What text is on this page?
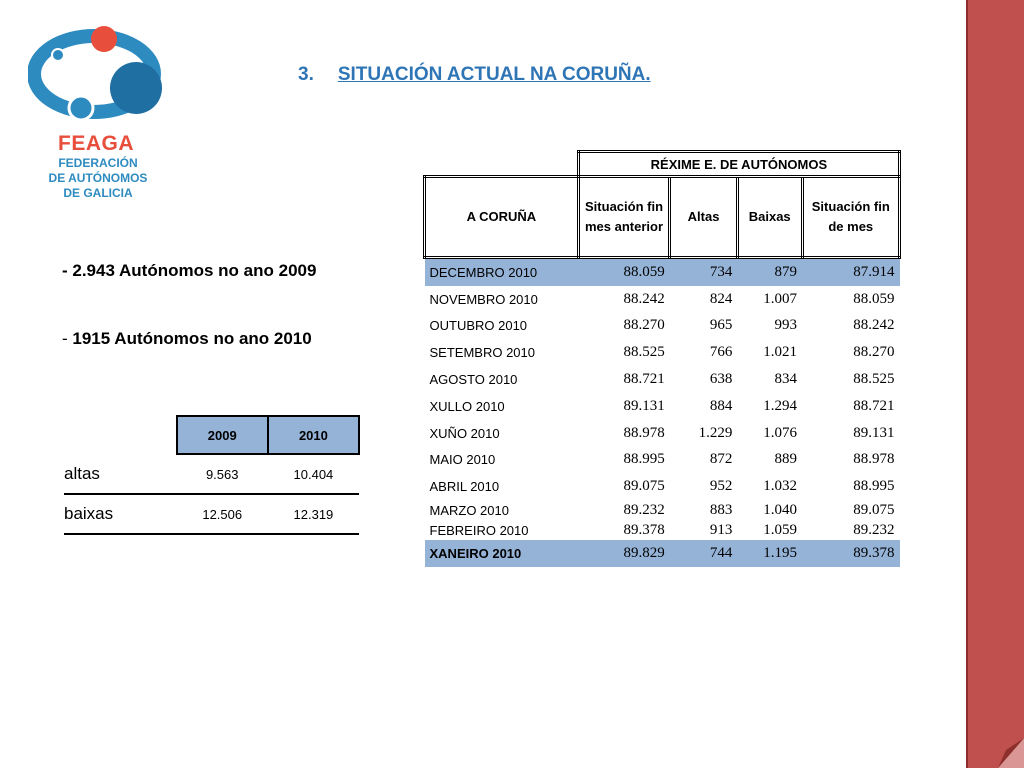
FEAGA
FEDERACIÓN
DE AUTÓNOMOS
DE GALICIA
3. SITUACIÓN ACTUAL NA CORUÑA.
- 2.943 Autónomos no ano 2009
- 1915 Autónomos no ano 2010
	2009	2010
altas	9.563	10.404
baixas	12.506	12.319
	RÉXIME E. DE AUTÓNOMOS			
A CORUÑA	Situación fin mes anterior	Altas	Baixas	Situación fin de mes
DECEMBRO 2010	88.059	734	879	87.914
NOVEMBRO 2010	88.242	824	1.007	88.059
OUTUBRO 2010	88.270	965	993	88.242
SETEMBRO 2010	88.525	766	1.021	88.270
AGOSTO 2010	88.721	638	834	88.525
XULLO 2010	89.131	884	1.294	88.721
XUÑO 2010	88.978	1.229	1.076	89.131
MAIO 2010	88.995	872	889	88.978
ABRIL 2010	89.075	952	1.032	88.995
MARZO 2010	89.232	883	1.040	89.075
FEBREIRO 2010	89.378	913	1.059	89.232
XANEIRO 2010	89.829	744	1.195	89.378
